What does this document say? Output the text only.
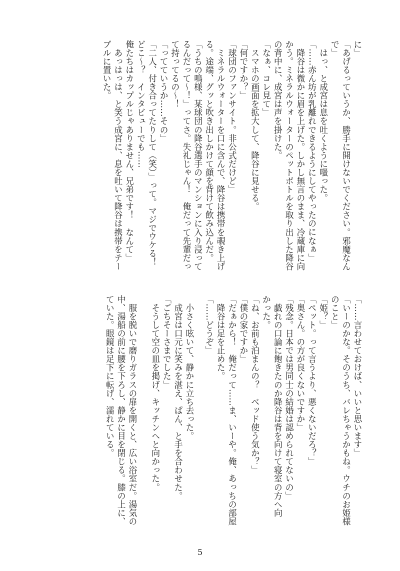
に」
「あげるっていうか、勝手に開けないでください。邪魔なん
で」
　はっ、と成宮は息を吐くように嗤った。
「……赤ん坊が乳離れできるようにしてやったのになぁ」
　降谷は微かに眉を上げた。しかし無言のまま、冷蔵庫に向
かう。ミネラルウォーターのペットボトルを取り出した降谷
の背中に、成宮は声を掛けた。
「なぁ、コレ見て」
　スマホの画面を拡大して、降谷に見せる。
「何ですか？」
「球団のファンサイト。非公式だけど」
　ミネラルウォーターを口に含んで、降谷は携帯を覗き上げ
る。途端、グッと吹き出しかけて顔を背けて飲み込んだ。
「うちの鳴様、某球団の降谷選手のマンションに入り浸って
るんだって～！」ってさ。失礼じゃん！　俺だって先輩だっ
て持ってるの～！
「ってていうか……その」
「二人、付き合ってたりして（笑）」って。マジでウケる！
どこ～？　インタビューでも……
俺たちはカップルじゃありません、兄弟です！　なんて」
　あっはっは、と笑う成宮に、息を吐いて降谷は携帯をテー
ブルに置いた。
「……言わせておけば、いいと思います」
「いーのかな。そのうち、バレちゃうかもね。ウチのお姫様
のこと」
「姫？」
「ペット。って言うより、悪くないだろ？」
「奥さん。の方が良くないですか」
「残念。日本では男同士の結婚は認められてないの」
　戯れの口論に飽きたのか降谷は背を向けて寝室の方へ向
かった。
「ね、お前も泊まんの？　ベッド使う気か？」
「僕の家ですか」
「だぁから！　俺だって……ま、いーや。俺、あっちの部屋
　降谷は足を止めた。
「……どうぞ」
　小さく呟いて、静かに立ち去った。
　成宮は口元に笑みを湛え、ぱん、と手を合わせた。
「ごちそーさまでした」
　そうして空の皿を掲げ、キッチンへと向かった。

　服を脱いで磨りガラスの扉を開くと、広い浴室だ。湯気の
中、湯船の前に腰を下ろし、静かに目を閉じる。膝の上に、
ていた。眼鏡は足下に転げ、濡れている。
5
